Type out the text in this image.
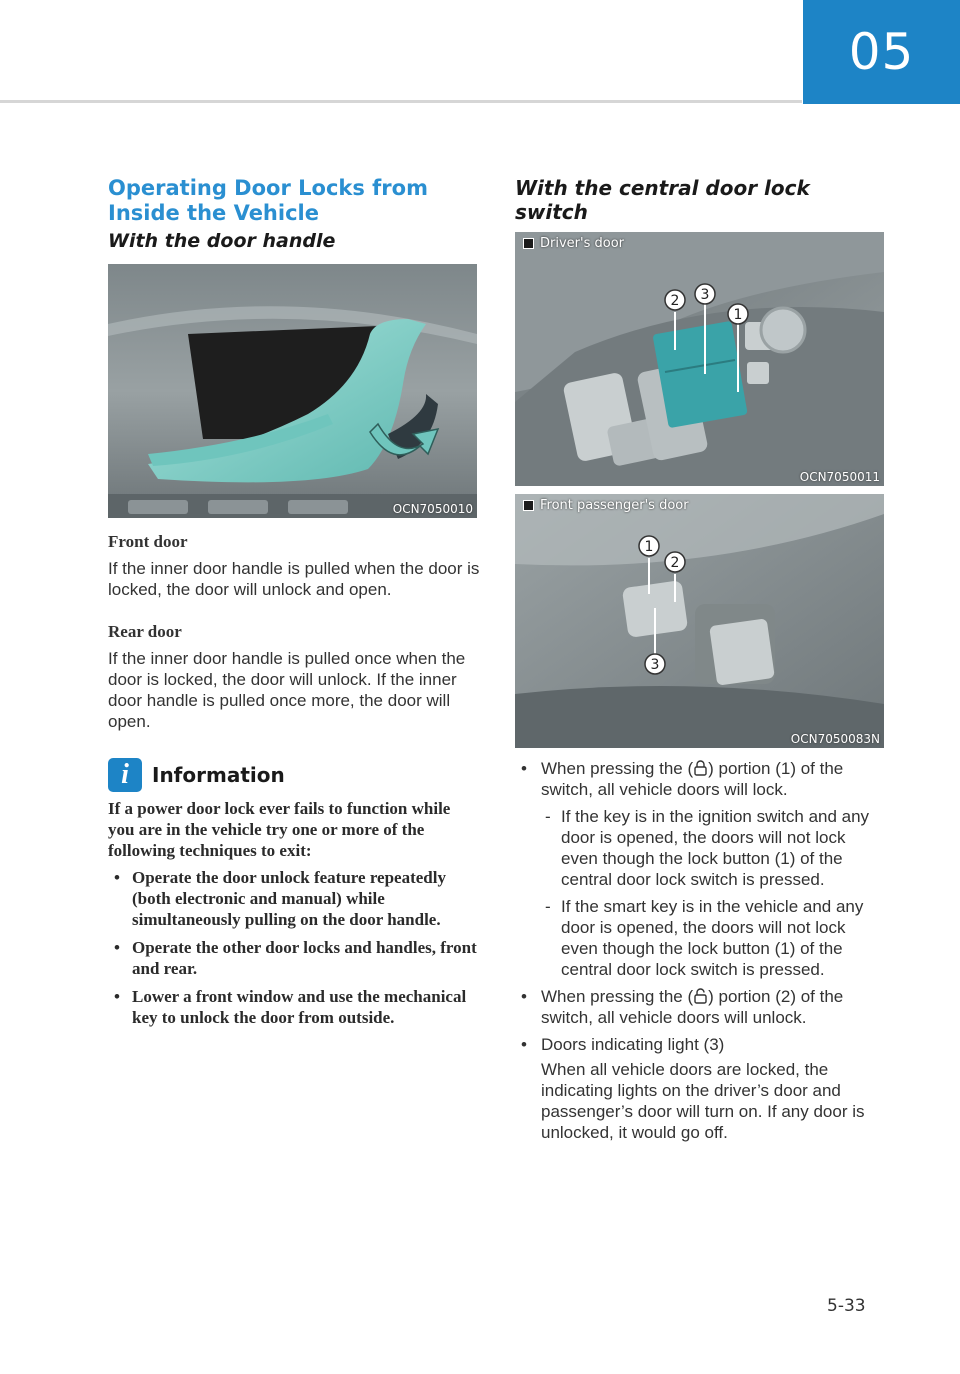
05
Operating Door Locks from Inside the Vehicle
With the door handle
OCN7050010
Front door
If the inner door handle is pulled when the door is locked, the door will unlock and open.
Rear door
If the inner door handle is pulled once when the door is locked, the door will unlock. If the inner door handle is pulled once more, the door will open.
i	Information
If a power door lock ever fails to function while you are in the vehicle try one or more of the following techniques to exit:
• Operate the door unlock feature repeatedly (both electronic and manual) while simultaneously pulling on the door handle.
• Operate the other door locks and handles, front and rear.
• Lower a front window and use the mechanical key to unlock the door from outside.
With the central door lock switch
2 3
1
Driver's door
OCN7050011
1
2
3
Front passenger's door
OCN7050083N
• When pressing the ( ) portion (1) of the switch, all vehicle doors will lock.
- If the key is in the ignition switch and any door is opened, the doors will not lock even though the lock button (1) of the central door lock switch is pressed.
- If the smart key is in the vehicle and any door is opened, the doors will not lock even though the lock button (1) of the central door lock switch is pressed.
• When pressing the ( ) portion (2) of the switch, all vehicle doors will unlock.
• Doors indicating light (3)
When all vehicle doors are locked, the indicating lights on the driver’s door and passenger’s door will turn on. If any door is unlocked, it would go off.
5-33
